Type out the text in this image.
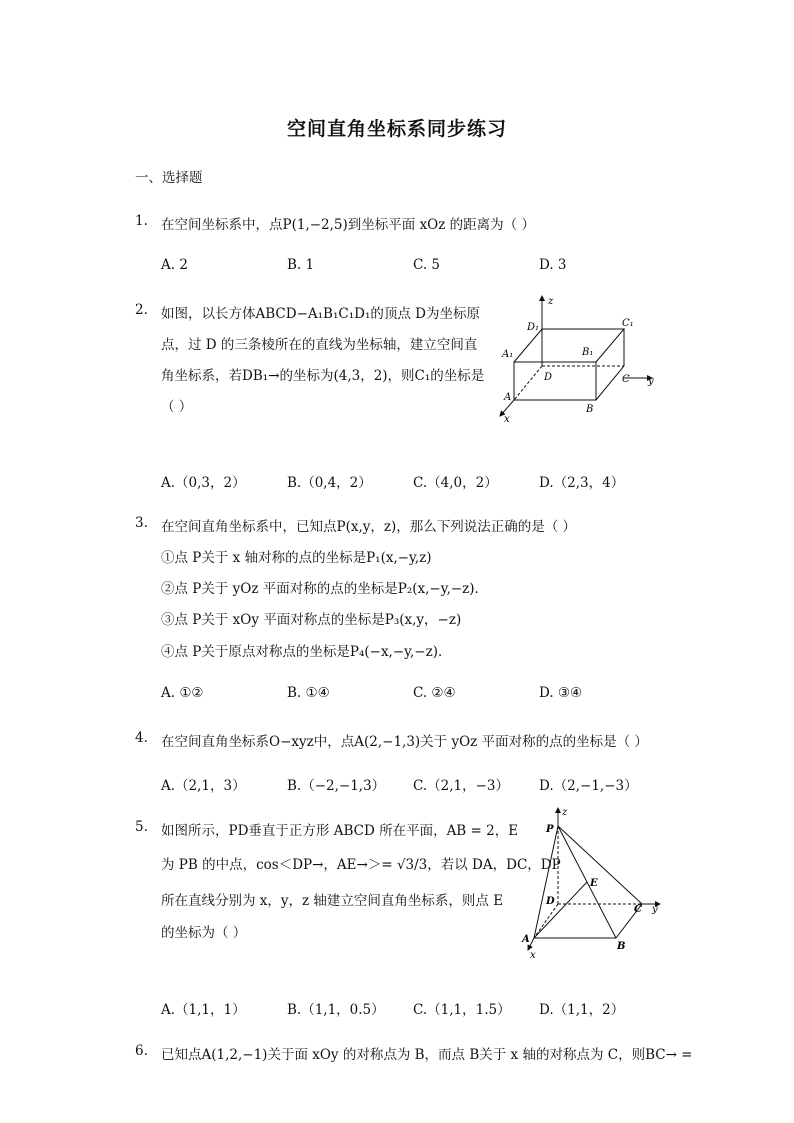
空间直角坐标系同步练习
一、选择题
1. 在空间坐标系中，点P(1,−2,5)到坐标平面 xOz 的距离为（ ）
A. 2	B. 1	C. 5	D. 3
2. 如图，以长方体ABCD−A₁B₁C₁D₁的顶点 D为坐标原
点，过 D 的三条棱所在的直线为坐标轴，建立空间直
角坐标系，若DB₁→的坐标为(4,3，2)，则C₁的坐标是
（ ）
z
y
x
D₁	C₁
A₁	B₁
D	C
A
B
A.（0,3，2）	B.（0,4，2）	C.（4,0，2）	D.（2,3，4）
3. 在空间直角坐标系中，已知点P(x,y，z)，那么下列说法正确的是（ ）
①点 P关于 x 轴对称的点的坐标是P₁(x,−y,z)
②点 P关于 yOz 平面对称的点的坐标是P₂(x,−y,−z)．
③点 P关于 xOy 平面对称点的坐标是P₃(x,y，−z)
④点 P关于原点对称点的坐标是P₄(−x,−y,−z)．
A. ①②	B. ①④	C. ②④	D. ③④
4. 在空间直角坐标系O−xyz中，点A(2,−1,3)关于 yOz 平面对称的点的坐标是（ ）
A.（2,1，3）	B.（−2,−1,3） C.（2,1，−3） D.（2,−1,−3）
5. 如图所示，PD垂直于正方形 ABCD 所在平面，AB = 2，E
为 PB 的中点，cos＜DP→，AE→＞= √3/3，若以 DA，DC，DP
所在直线分别为 x，y，z 轴建立空间直角坐标系，则点 E
的坐标为（ ）
z
P
E
D
C y
A
B
x
A.（1,1，1）	B.（1,1，0.5） C.（1,1，1.5） D.（1,1，2）
6. 已知点A(1,2,−1)关于面 xOy 的对称点为 B，而点 B关于 x 轴的对称点为 C，则BC→ =
